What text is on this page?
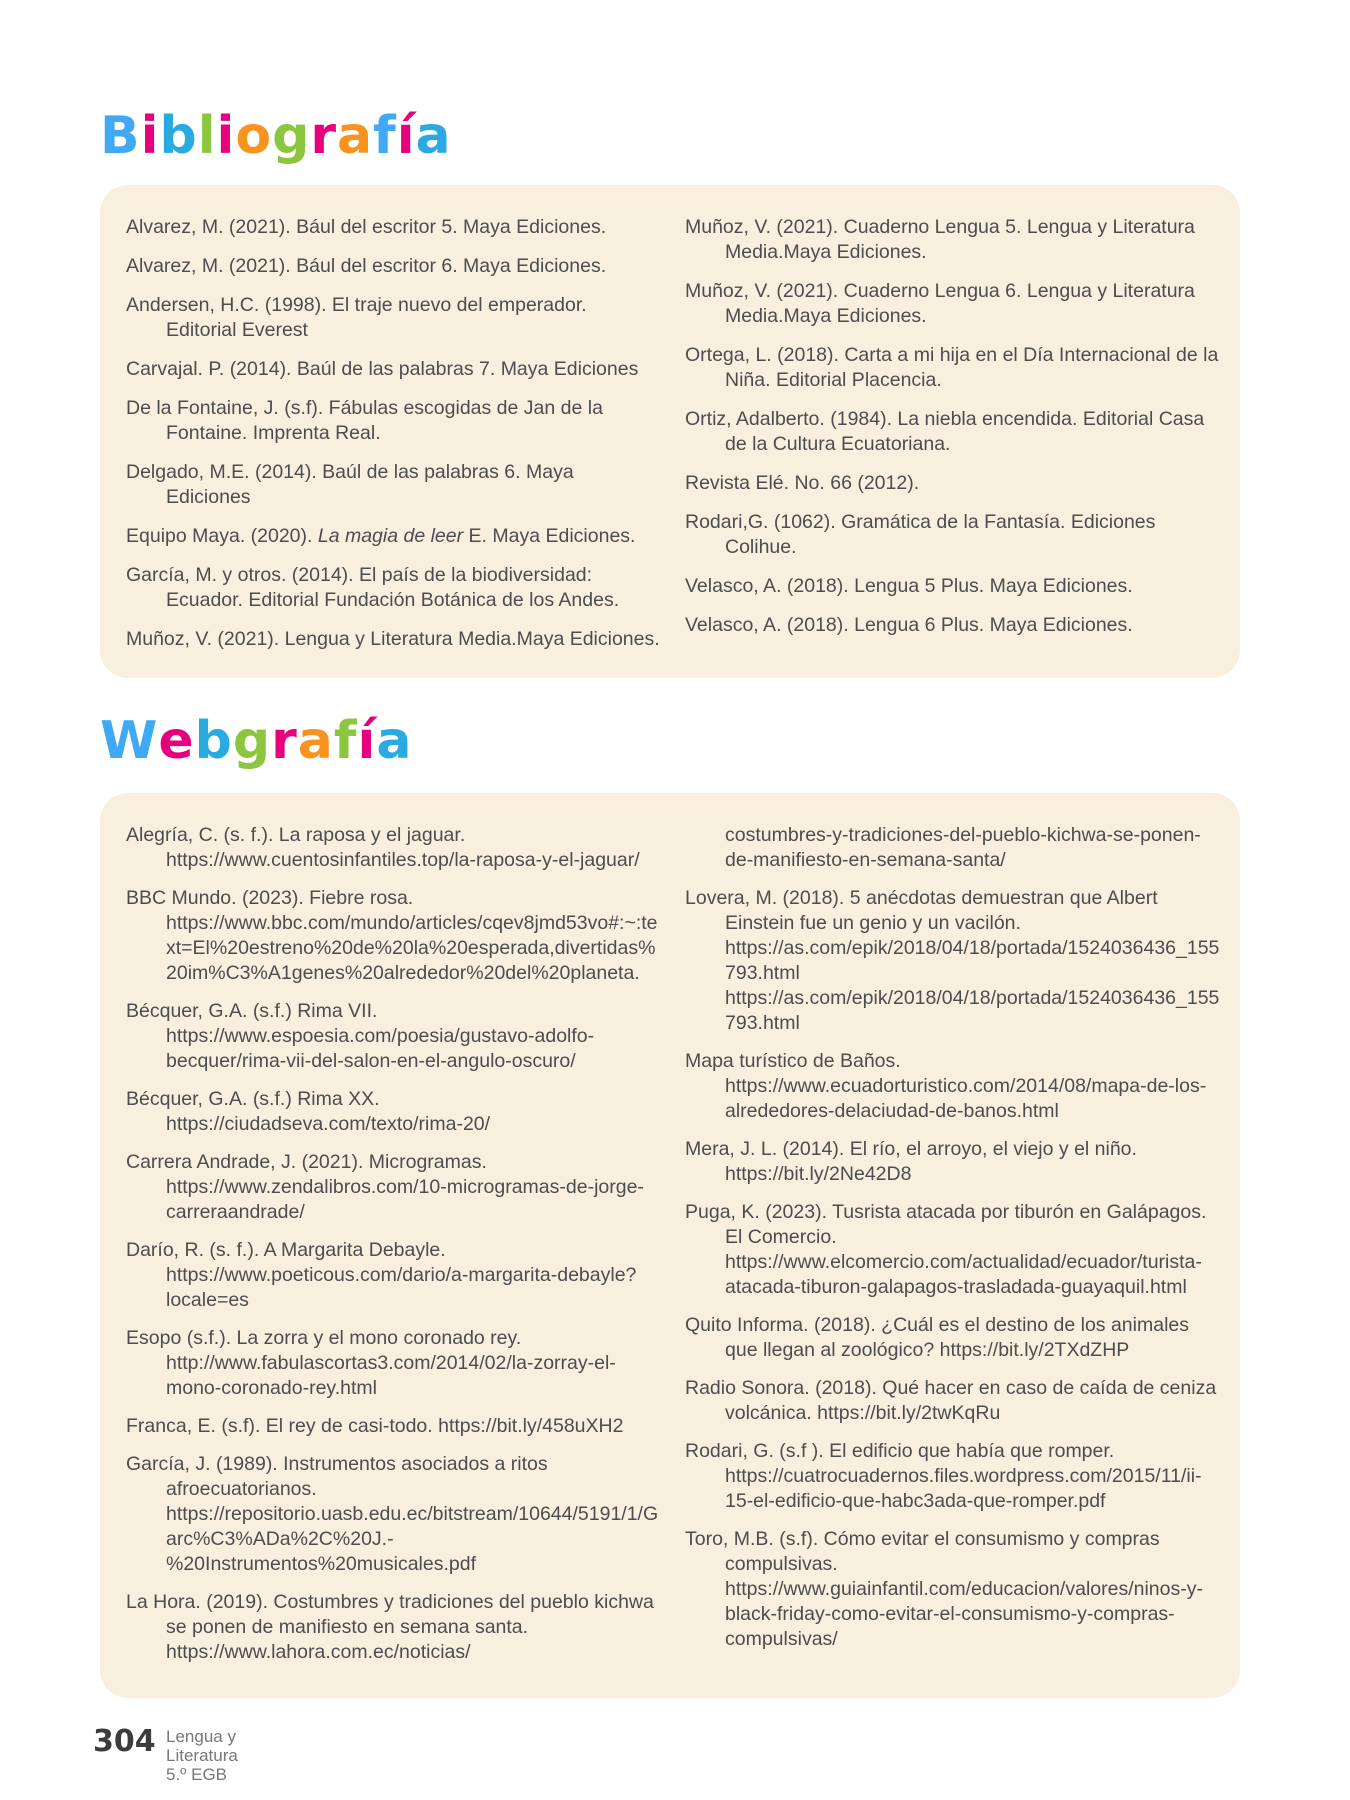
Bibliografía

Alvarez, M. (2021). Bául del escritor 5. Maya Ediciones.

Alvarez, M. (2021). Bául del escritor 6. Maya Ediciones.

Andersen, H.C. (1998). El traje nuevo del emperador. Editorial Everest

Carvajal. P. (2014). Baúl de las palabras 7. Maya Ediciones

De la Fontaine, J. (s.f). Fábulas escogidas de Jan de la Fontaine. Imprenta Real.

Delgado, M.E. (2014). Baúl de las palabras 6. Maya Ediciones

Equipo Maya. (2020). La magia de leer E. Maya Ediciones.

García, M. y otros. (2014). El país de la biodiversidad: Ecuador. Editorial Fundación Botánica de los Andes.

Muñoz, V. (2021). Lengua y Literatura Media.Maya Ediciones.

Muñoz, V. (2021). Cuaderno Lengua 5. Lengua y Literatura Media.Maya Ediciones.

Muñoz, V. (2021). Cuaderno Lengua 6. Lengua y Literatura Media.Maya Ediciones.

Ortega, L. (2018). Carta a mi hija en el Día Internacional de la Niña. Editorial Placencia.

Ortiz, Adalberto. (1984). La niebla encendida. Editorial Casa de la Cultura Ecuatoriana.

Revista Elé. No. 66 (2012).

Rodari,G. (1062). Gramática de la Fantasía. Ediciones Colihue.

Velasco, A. (2018). Lengua 5 Plus. Maya Ediciones.

Velasco, A. (2018). Lengua 6 Plus. Maya Ediciones.

Webgrafía

Alegría, C. (s. f.). La raposa y el jaguar. https://www.cuentosinfantiles.top/la-raposa-y-el-jaguar/

BBC Mundo. (2023). Fiebre rosa. https://www.bbc.com/mundo/articles/cqev8jmd53vo#:~:text=El%20estreno%20de%20la%20esperada,divertidas%20im%C3%A1genes%20alrededor%20del%20planeta.

Bécquer, G.A. (s.f.) Rima VII. https://www.espoesia.com/poesia/gustavo-adolfo-becquer/rima-vii-del-salon-en-el-angulo-oscuro/

Bécquer, G.A. (s.f.) Rima XX. https://ciudadseva.com/texto/rima-20/

Carrera Andrade, J. (2021). Microgramas. https://www.zendalibros.com/10-microgramas-de-jorge-carreraandrade/

Darío, R. (s. f.). A Margarita Debayle. https://www.poeticous.com/dario/a-margarita-debayle?locale=es

Esopo (s.f.). La zorra y el mono coronado rey. http://www.fabulascortas3.com/2014/02/la-zorray-el-mono-coronado-rey.html

Franca, E. (s.f). El rey de casi-todo. https://bit.ly/458uXH2

García, J. (1989). Instrumentos asociados a ritos afroecuatorianos. https://repositorio.uasb.edu.ec/bitstream/10644/5191/1/Garc%C3%ADa%2C%20J.-%20Instrumentos%20musicales.pdf

La Hora. (2019). Costumbres y tradiciones del pueblo kichwa se ponen de manifiesto en semana santa. https://www.lahora.com.ec/noticias/

costumbres-y-tradiciones-del-pueblo-kichwa-se-ponen-de-manifiesto-en-semana-santa/

Lovera, M. (2018). 5 anécdotas demuestran que Albert Einstein fue un genio y un vacilón. https://as.com/epik/2018/04/18/portada/1524036436_155793.html https://as.com/epik/2018/04/18/portada/1524036436_155793.html

Mapa turístico de Baños. https://www.ecuadorturistico.com/2014/08/mapa-de-los-alrededores-delaciudad-de-banos.html

Mera, J. L. (2014). El río, el arroyo, el viejo y el niño. https://bit.ly/2Ne42D8

Puga, K. (2023). Tusrista atacada por tiburón en Galápagos. El Comercio. https://www.elcomercio.com/actualidad/ecuador/turista-atacada-tiburon-galapagos-trasladada-guayaquil.html

Quito Informa. (2018). ¿Cuál es el destino de los animales que llegan al zoológico? https://bit.ly/2TXdZHP

Radio Sonora. (2018). Qué hacer en caso de caída de ceniza volcánica. https://bit.ly/2twKqRu

Rodari, G. (s.f ). El edificio que había que romper. https://cuatrocuadernos.files.wordpress.com/2015/11/ii-15-el-edificio-que-habc3ada-que-romper.pdf

Toro, M.B. (s.f). Cómo evitar el consumismo y compras compulsivas. https://www.guiainfantil.com/educacion/valores/ninos-y-black-friday-como-evitar-el-consumismo-y-compras-compulsivas/

304 Lengua y Literatura
5.º EGB
